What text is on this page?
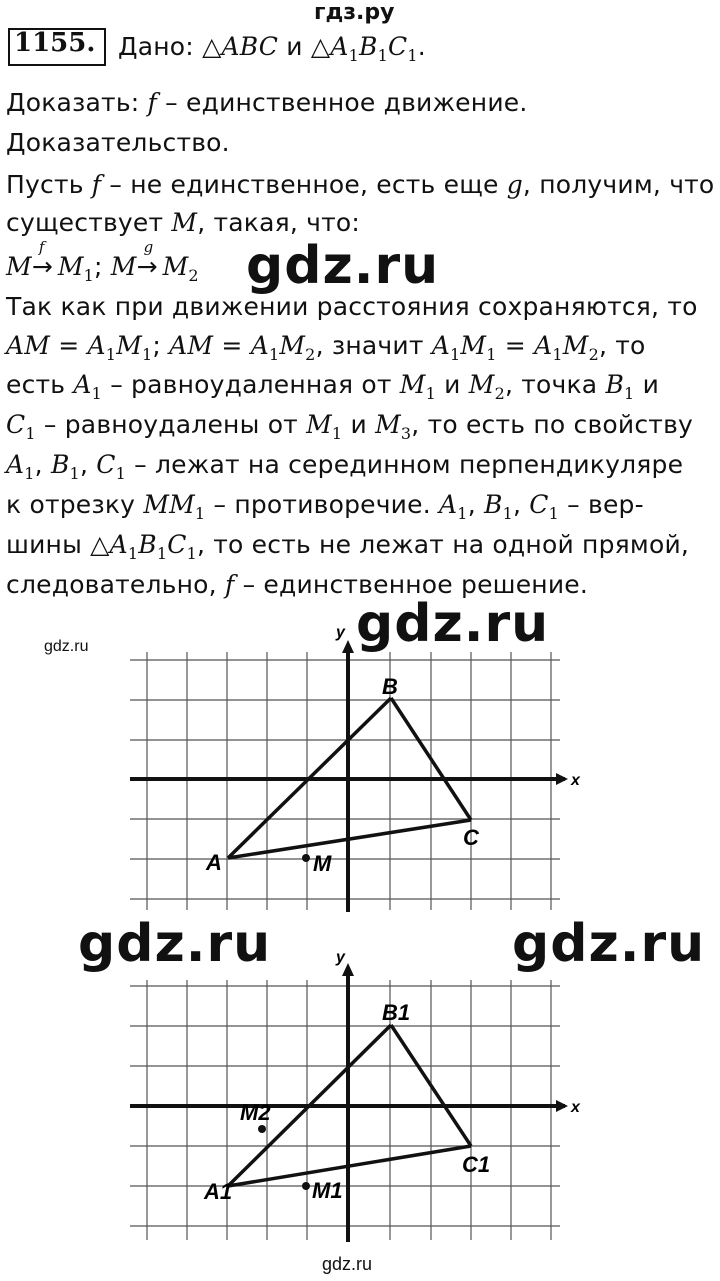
гдз.ру
1155. Дано: △ABC и $\triangle A_1B_1C_1$.
Доказать: f – единственное движение.
Доказательство.
Пусть f – не единственное, есть еще g, получим, что
существует M, такая, что:
M
f
→ $M_1$; M
g
→ $M_2$
Так как при движении расстояния сохраняются, то
AM = $A_1M_1$; AM = $A_1M_2$, значит $A_1M_1 = A_1M_2$, то
есть $A_1$ – равноудаленная от $M_1$ и $M_2$, точка $B_1$ и
$C_1$ – равноудалены от $M_1$ и $M_3$, то есть по свойству
$A_1$, $B_1$, $C_1$ – лежат на серединном перпендикуляре
к отрезку $MM_1$ – противоречие. $A_1$, $B_1$, $C_1 - вер-$
шины $\triangle A_1B_1C_1$, то есть не лежат на одной прямой,
следовательно, f – единственное решение.
gdz.ru
gdz.ru
gdz.ru	gdz.ru
gdz.ru
gdz.ru
x
y
A
B
C
M
x
y
A1
B1
C1
M1
M2
